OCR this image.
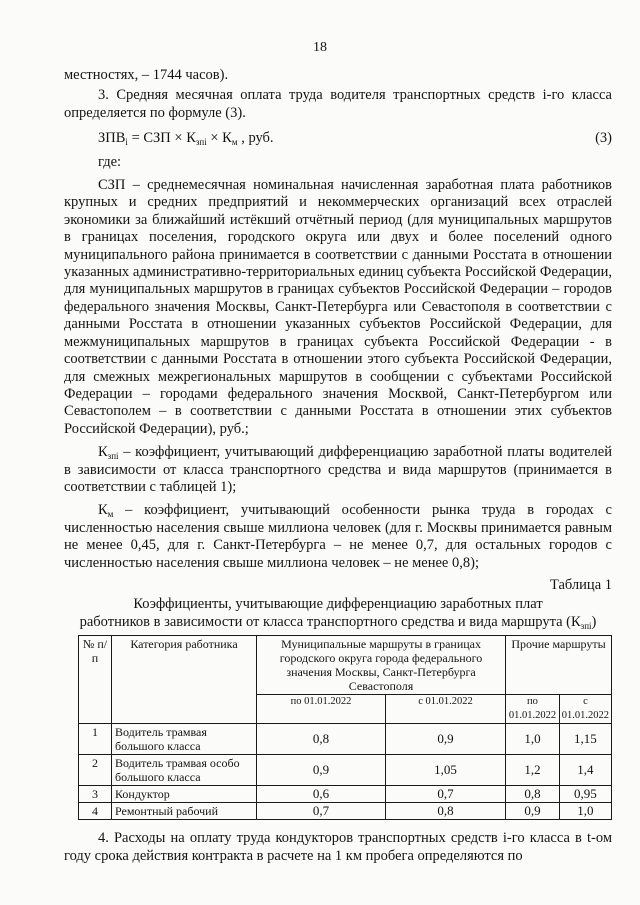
18

местностях, – 1744 часов).

3. Средняя месячная оплата труда водителя транспортных средств i-го класса определяется по формуле (3).

$ЗПВ_i$ = СЗП × $К_{зпi} \times К_м$ , руб.	(3)

где:

СЗП – среднемесячная номинальная начисленная заработная плата работников крупных и средних предприятий и некоммерческих организаций всех отраслей экономики за ближайший истёкший отчётный период (для муниципальных маршрутов в границах поселения, городского округа или двух и более поселений одного муниципального района принимается в соответствии с данными Росстата в отношении указанных административно-территориальных единиц субъекта Российской Федерации, для муниципальных маршрутов в границах субъектов Российской Федерации – городов федерального значения Москвы, Санкт-Петербурга или Севастополя в соответствии с данными Росстата в отношении указанных субъектов Российской Федерации, для межмуниципальных маршрутов в границах субъекта Российской Федерации - в соответствии с данными Росстата в отношении этого субъекта Российской Федерации, для смежных межрегиональных маршрутов в сообщении с субъектами Российской Федерации – городами федерального значения Москвой, Санкт-Петербургом или Севастополем – в соответствии с данными Росстата в отношении этих субъектов Российской Федерации), руб.;

$К_{зпi}$ – коэффициент, учитывающий дифференциацию заработной платы водителей в зависимости от класса транспортного средства и вида маршрутов (принимается в соответствии с таблицей 1);

$К_м$ – коэффициент, учитывающий особенности рынка труда в городах с численностью населения свыше миллиона человек (для г. Москвы принимается равным не менее 0,45, для г. Санкт-Петербурга – не менее 0,7, для остальных городов с численностью населения свыше миллиона человек – не менее 0,8);

Таблица 1
Коэффициенты, учитывающие дифференциацию заработных плат
работников в зависимости от класса транспортного средства и вида маршрута $(К_{зпi})$
№ п/п	Категория работника	Муниципальные маршруты в границах городского округа города федерального значения Москвы, Санкт-Петербурга Севастополя		Прочие маршруты	
		по 01.01.2022	с 01.01.2022	по 01.01.2022	с 01.01.2022
1	Водитель трамвая большого класса	0,8	0,9	1,0	1,15
2	Водитель трамвая особо большого класса	0,9	1,05	1,2	1,4
3	Кондуктор	0,6	0,7	0,8	0,95
4	Ремонтный рабочий	0,7	0,8	0,9	1,0

4. Расходы на оплату труда кондукторов транспортных средств i-го класса в t-ом году срока действия контракта в расчете на 1 км пробега определяются по
